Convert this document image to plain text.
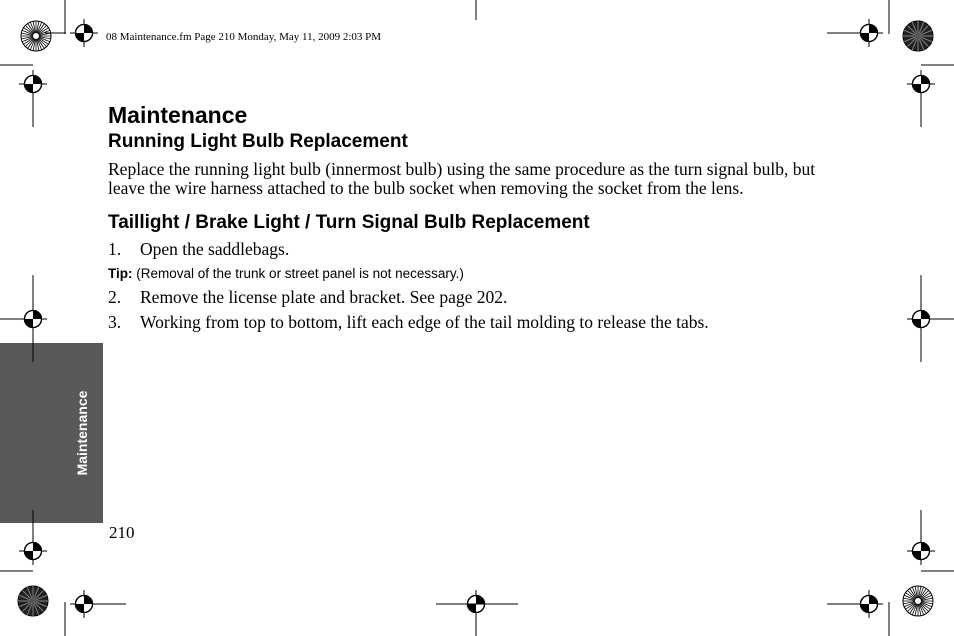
08 Maintenance.fm Page 210 Monday, May 11, 2009 2:03 PM
Maintenance
Maintenance
Running Light Bulb Replacement

Replace the running light bulb (innermost bulb) using the same procedure as the turn signal bulb, but leave the wire harness attached to the bulb socket when removing the socket from the lens.

Taillight / Brake Light / Turn Signal Bulb Replacement
1.	Open the saddlebags.
Tip: (Removal of the trunk or street panel is not necessary.)
2.	Remove the license plate and bracket. See page 202.
3.	Working from top to bottom, lift each edge of the tail molding to release the tabs.
210
